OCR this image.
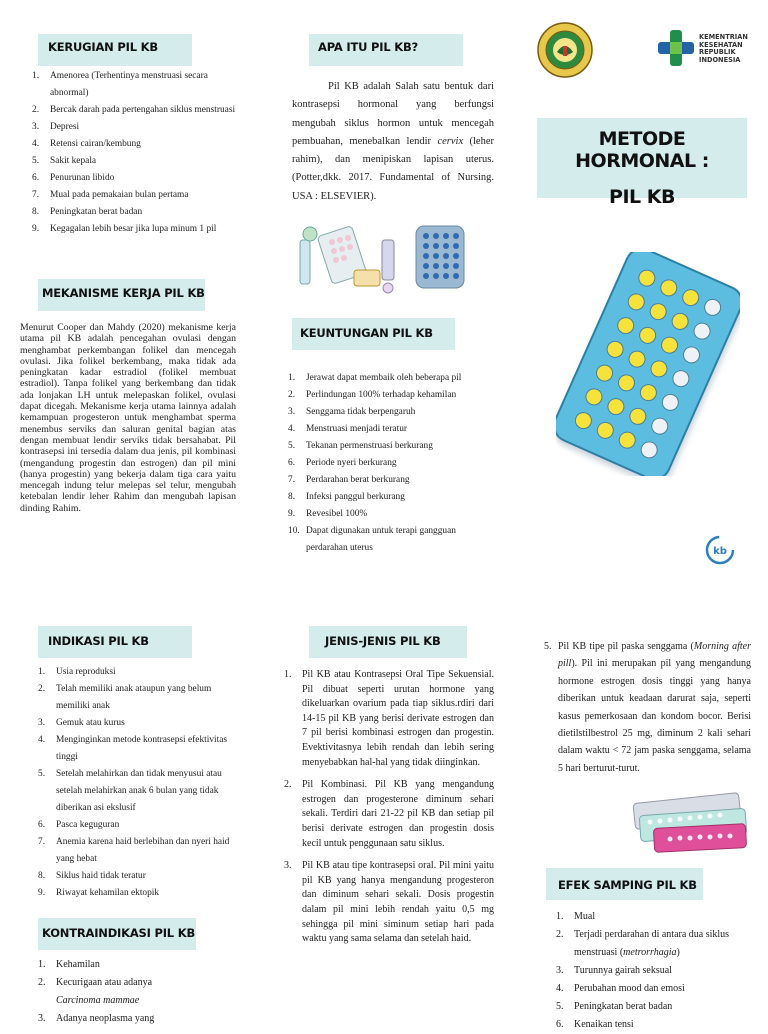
KERUGIAN PIL KB
1. Amenorea (Terhentinya menstruasi secara abnormal)
2. Bercak darah pada pertengahan siklus menstruasi
3. Depresi
4. Retensi cairan/kembung
5. Sakit kepala
6. Penurunan libido
7. Mual pada pemakaian bulan pertama
8. Peningkatan berat badan
9. Kegagalan lebih besar jika lupa minum 1 pil
MEKANISME KERJA PIL KB
Menurut Cooper dan Mahdy (2020) mekanisme kerja utama pil KB adalah pencegahan ovulasi dengan menghambat perkembangan folikel dan mencegah ovulasi. Jika folikel berkembang, maka tidak ada peningkatan kadar estradiol (folikel membuat estradiol). Tanpa folikel yang berkembang dan tidak ada lonjakan LH untuk melepaskan folikel, ovulasi dapat dicegah. Mekanisme kerja utama lainnya adalah kemampuan progesteron untuk menghambat sperma menembus serviks dan saluran genital bagian atas dengan membuat lendir serviks tidak bersahabat. Pil kontrasepsi ini tersedia dalam dua jenis, pil kombinasi (mengandung progestin dan estrogen) dan pil mini (hanya progestin) yang bekerja dalam tiga cara yaitu mencegah indung telur melepas sel telur, mengubah ketebalan lendir leher Rahim dan mengubah lapisan dinding Rahim.
APA ITU PIL KB?
Pil KB adalah Salah satu bentuk dari kontrasepsi hormonal yang berfungsi mengubah siklus hormon untuk mencegah pembuahan, menebalkan lendir cervix (leher rahim), dan menipiskan lapisan uterus. (Potter,dkk. 2017. Fundamental of Nursing. USA : ELSEVIER).
KEUNTUNGAN PIL KB
1. Jerawat dapat membaik oleh beberapa pil
2. Perlindungan 100% terhadap kehamilan
3. Senggama tidak berpengaruh
4. Menstruasi menjadi teratur
5. Tekanan permenstruasi berkurang
6. Periode nyeri berkurang
7. Perdarahan berat berkurang
8. Infeksi panggul berkurang
9. Revesibel 100%
10. Dapat digunakan untuk terapi gangguan perdarahan uterus
KEMENTRIAN
KESEHATAN
REPUBLIK
INDONESIA
METODE HORMONAL :
PIL KB
kb
INDIKASI PIL KB
1. Usia reproduksi
2. Telah memiliki anak ataupun yang belum memiliki anak
3. Gemuk atau kurus
4. Menginginkan metode kontrasepsi efektivitas tinggi
5. Setelah melahirkan dan tidak menyusui atau setelah melahirkan anak 6 bulan yang tidak diberikan asi ekslusif
6. Pasca keguguran
7. Anemia karena haid berlebihan dan nyeri haid yang hebat
8. Siklus haid tidak teratur
9. Riwayat kehamilan ektopik
KONTRAINDIKASI PIL KB
1. Kehamilan
2. Kecurigaan atau adanya
Carcinoma mammae
3. Adanya neoplasma yang
JENIS-JENIS PIL KB
1. Pil KB atau Kontrasepsi Oral Tipe Sekuensial. Pil dibuat seperti urutan hormone yang dikeluarkan ovarium pada tiap siklus.rdiri dari 14-15 pil KB yang berisi derivate estrogen dan 7 pil berisi kombinasi estrogen dan progestin. Evektivitasnya lebih rendah dan lebih sering menyebabkan hal-hal yang tidak diinginkan.
2. Pil Kombinasi. Pil KB yang mengandung estrogen dan progesterone diminum sehari sekali. Terdiri dari 21-22 pil KB dan setiap pil berisi derivate estrogen dan progestin dosis kecil untuk penggunaan satu siklus.
3. Pil KB atau tipe kontrasepsi oral. Pil mini yaitu pil KB yang hanya mengandung progesteron dan diminum sehari sekali. Dosis progestin dalam pil mini lebih rendah yaitu 0,5 mg sehingga pil mini siminum setiap hari pada waktu yang sama selama dan setelah haid.
5. Pil KB tipe pil paska senggama (Morning after pill). Pil ini merupakan pil yang mengandung hormone estrogen dosis tinggi yang hanya diberikan untuk keadaan darurat saja, seperti kasus pemerkosaan dan kondom bocor. Berisi dietilstilbestrol 25 mg, diminum 2 kali sehari dalam waktu < 72 jam paska senggama, selama 5 hari berturut-turut.
EFEK SAMPING PIL KB
1. Mual
2. Terjadi perdarahan di antara dua siklus menstruasi (metrorrhagia)
3. Turunnya gairah seksual
4. Perubahan mood dan emosi
5. Peningkatan berat badan
6. Kenaikan tensi
